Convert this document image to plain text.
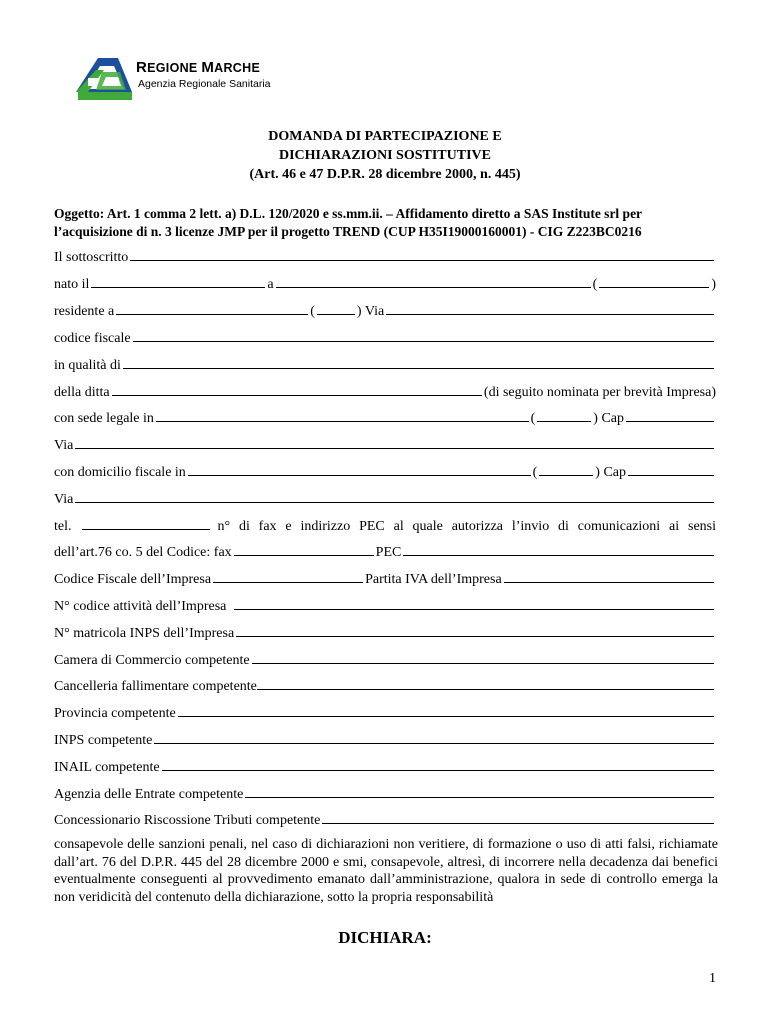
REGIONE MARCHE
Agenzia Regionale Sanitaria
DOMANDA DI PARTECIPAZIONE E
DICHIARAZIONI SOSTITUTIVE
(Art. 46 e 47 D.P.R. 28 dicembre 2000, n. 445)
Oggetto: Art. 1 comma 2 lett. a) D.L. 120/2020 e ss.mm.ii. – Affidamento diretto a SAS Institute srl per
l’acquisizione di n. 3 licenze JMP per il progetto TREND (CUP H35I19000160001) - CIG Z223BC0216
Il sottoscritto
nato il	a	(	)
residente a	(	) Via
codice fiscale
in qualità di
della ditta	(di seguito nominata per brevità Impresa)
con sede legale in	(	) Cap
Via
con domicilio fiscale in	(	) Cap
Via
tel.	n° di fax e indirizzo PEC al quale autorizza l’invio di comunicazioni ai sensi
dell’art.76 co. 5 del Codice: fax	PEC
Codice Fiscale dell’Impresa	Partita IVA dell’Impresa
N° codice attività dell’Impresa
N° matricola INPS dell’Impresa
Camera di Commercio competente
Cancelleria fallimentare competente
Provincia competente
INPS competente
INAIL competente
Agenzia delle Entrate competente
Concessionario Riscossione Tributi competente
consapevole delle sanzioni penali, nel caso di dichiarazioni non veritiere, di formazione o uso di atti falsi, richiamate dall’art. 76 del D.P.R. 445 del 28 dicembre 2000 e smi, consapevole, altresì, di incorrere nella decadenza dai benefici eventualmente conseguenti al provvedimento emanato dall’amministrazione, qualora in sede di controllo emerga la non veridicità del contenuto della dichiarazione, sotto la propria responsabilità
DICHIARA:
1
